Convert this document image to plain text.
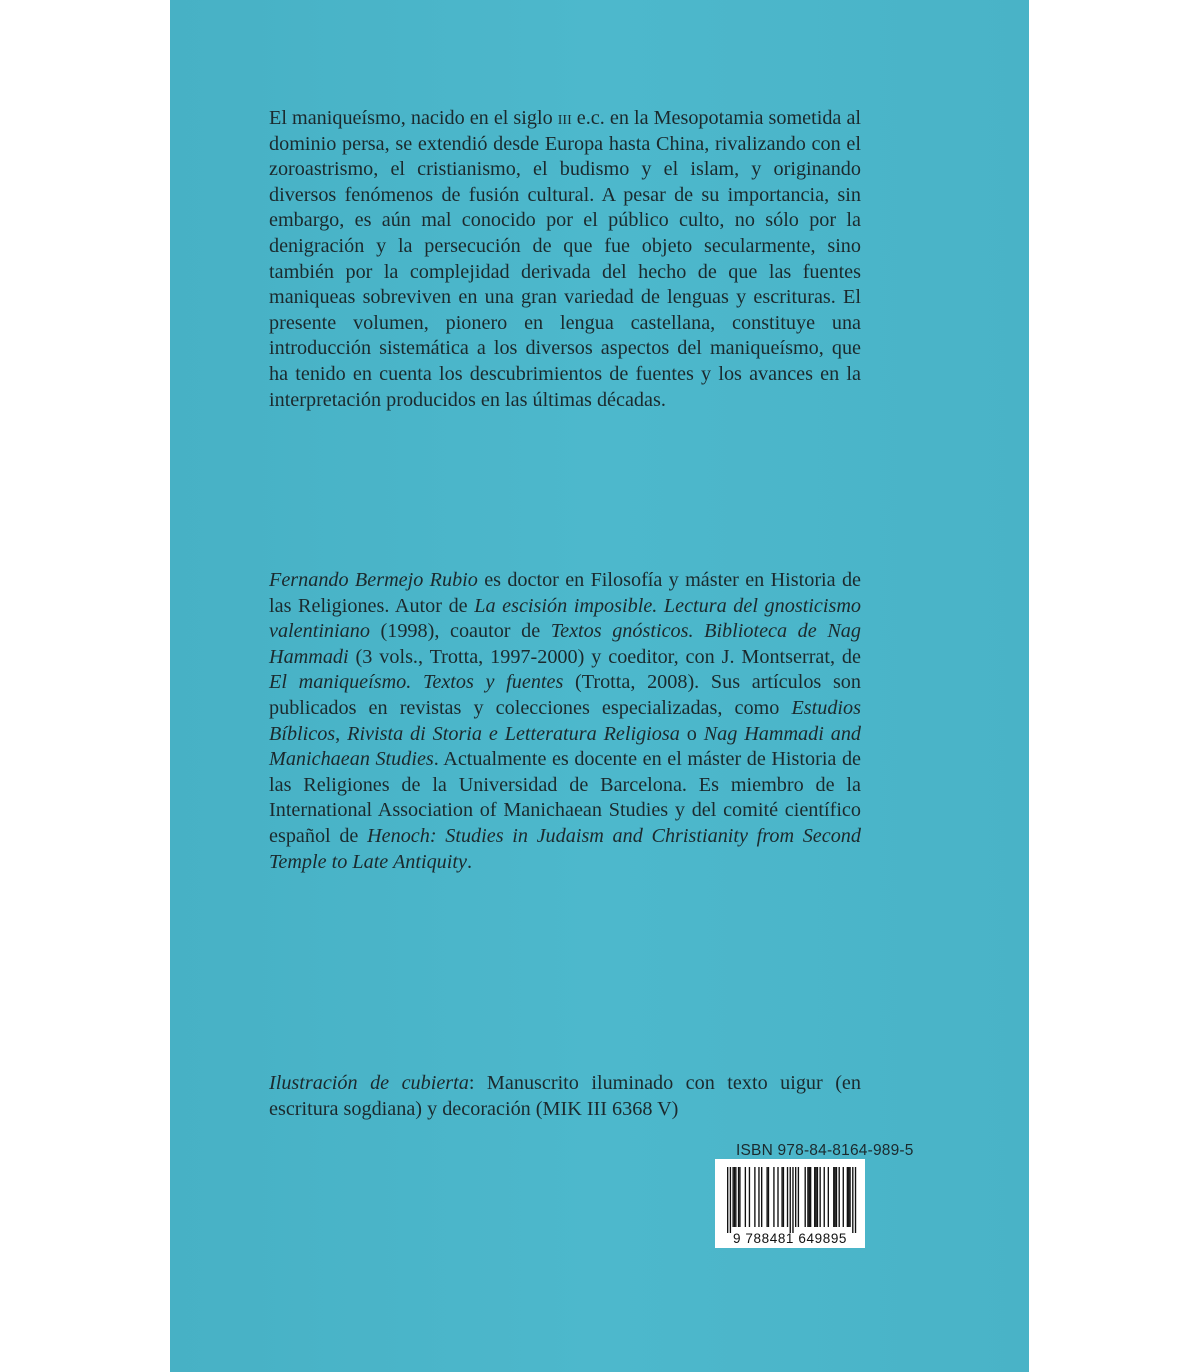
El maniqueísmo, nacido en el siglo iii e.c. en la Mesopotamia sometida al dominio persa, se extendió desde Europa hasta China, rivalizando con el zoroastrismo, el cristianismo, el budismo y el islam, y originando diversos fenómenos de fusión cultural. A pesar de su importancia, sin embargo, es aún mal conocido por el público culto, no sólo por la denigración y la persecución de que fue objeto secularmente, sino también por la complejidad derivada del hecho de que las fuentes maniqueas sobreviven en una gran variedad de lenguas y escrituras. El presente volumen, pionero en lengua castellana, constituye una introducción sistemática a los diversos aspectos del maniqueísmo, que ha tenido en cuenta los descubrimientos de fuentes y los avances en la interpretación producidos en las últimas décadas.

Fernando Bermejo Rubio es doctor en Filosofía y máster en Historia de las Religiones. Autor de La escisión imposible. Lectura del gnosticismo valentiniano (1998), coautor de Textos gnósticos. Biblioteca de Nag Hammadi (3 vols., Trotta, 1997-2000) y coeditor, con J. Montserrat, de El maniqueísmo. Textos y fuentes (Trotta, 2008). Sus artículos son publicados en revistas y colecciones especializadas, como Estudios Bíblicos, Rivista di Storia e Letteratura Religiosa o Nag Hammadi and Manichaean Studies. Actualmente es docente en el máster de Historia de las Religiones de la Universidad de Barcelona. Es miembro de la International Association of Manichaean Studies y del comité científico español de Henoch: Studies in Judaism and Christianity from Second Temple to Late Antiquity.

Ilustración de cubierta: Manuscrito iluminado con texto uigur (en escritura sogdiana) y decoración (MIK III 6368 V)

ISBN 978-84-8164-989-5
9 788481 649895
